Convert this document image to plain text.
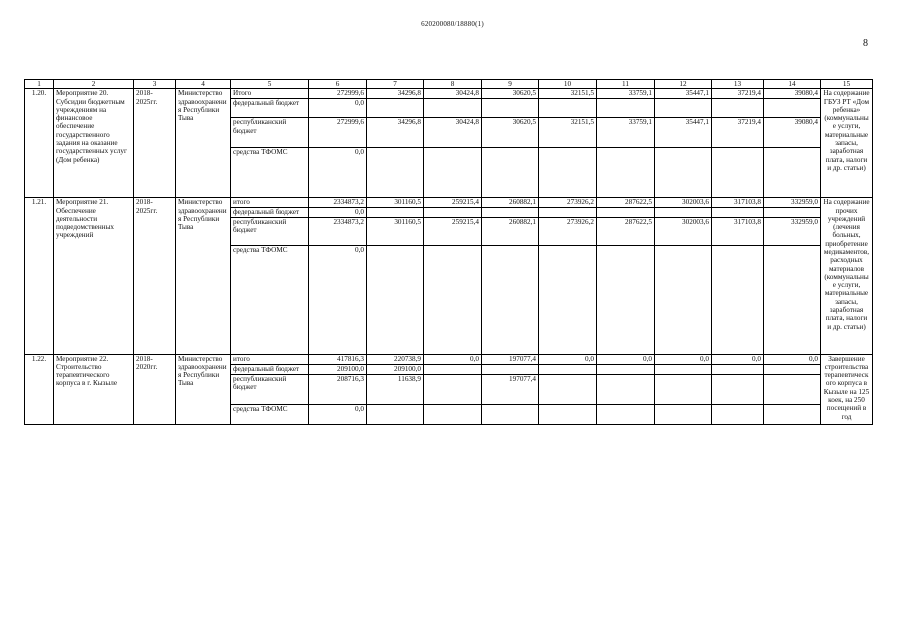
620200080/18880(1)
8
1	2	3	4	5	6	7	8	9	10	11	12	13	14	15
1.20.	Мероприятие 20. Субсидии бюджетным учреждениям на финансовое обеспечение государственного задания на оказание государственных услуг (Дом ребенка)	2018-2025гг.	Министерство здравоохранения Республики Тыва	Итого	272999,6	34296,8	30424,8	30620,5	32151,5	33759,1	35447,1	37219,4	39080,4	На содержание ГБУЗ РТ «Дом ребенка» (коммунальные услуги, материальные запасы, заработная плата, налоги и др. статьи)
				федеральный бюджет	0,0									
				республиканский бюджет	272999,6	34296,8	30424,8	30620,5	32151,5	33759,1	35447,1	37219,4	39080,4	
				средства ТФОМС	0,0									
1.21.	Мероприятие 21. Обеспечение деятельности подведомственных учреждений	2018-2025гг.	Министерство здравоохранения Республики Тыва	итого	2334873,2	301160,5	259215,4	260882,1	273926,2	287622,5	302003,6	317103,8	332959,0	На содержание прочих учреждений (лечения больных, приобретение медикаментов, расходных материалов (коммунальные услуги, материальные запасы, заработная плата, налоги и др. статьи)
				федеральный бюджет	0,0									
				республиканский бюджет	2334873,2	301160,5	259215,4	260882,1	273926,2	287622,5	302003,6	317103,8	332959,0	
				средства ТФОМС	0,0									
1.22.	Мероприятие 22. Строительство терапевтического корпуса в г. Кызыле	2018-2020гг.	Министерство здравоохранения Республики Тыва	итого	417816,3	220738,9	0,0	197077,4	0,0	0,0	0,0	0,0	0,0	Завершение строительства терапевтического корпуса в Кызыле на 125 коек, на 250 посещений в год
				федеральный бюджет	209100,0	209100,0								
				республиканский бюджет	208716,3	11638,9		197077,4						
				средства ТФОМС	0,0									
